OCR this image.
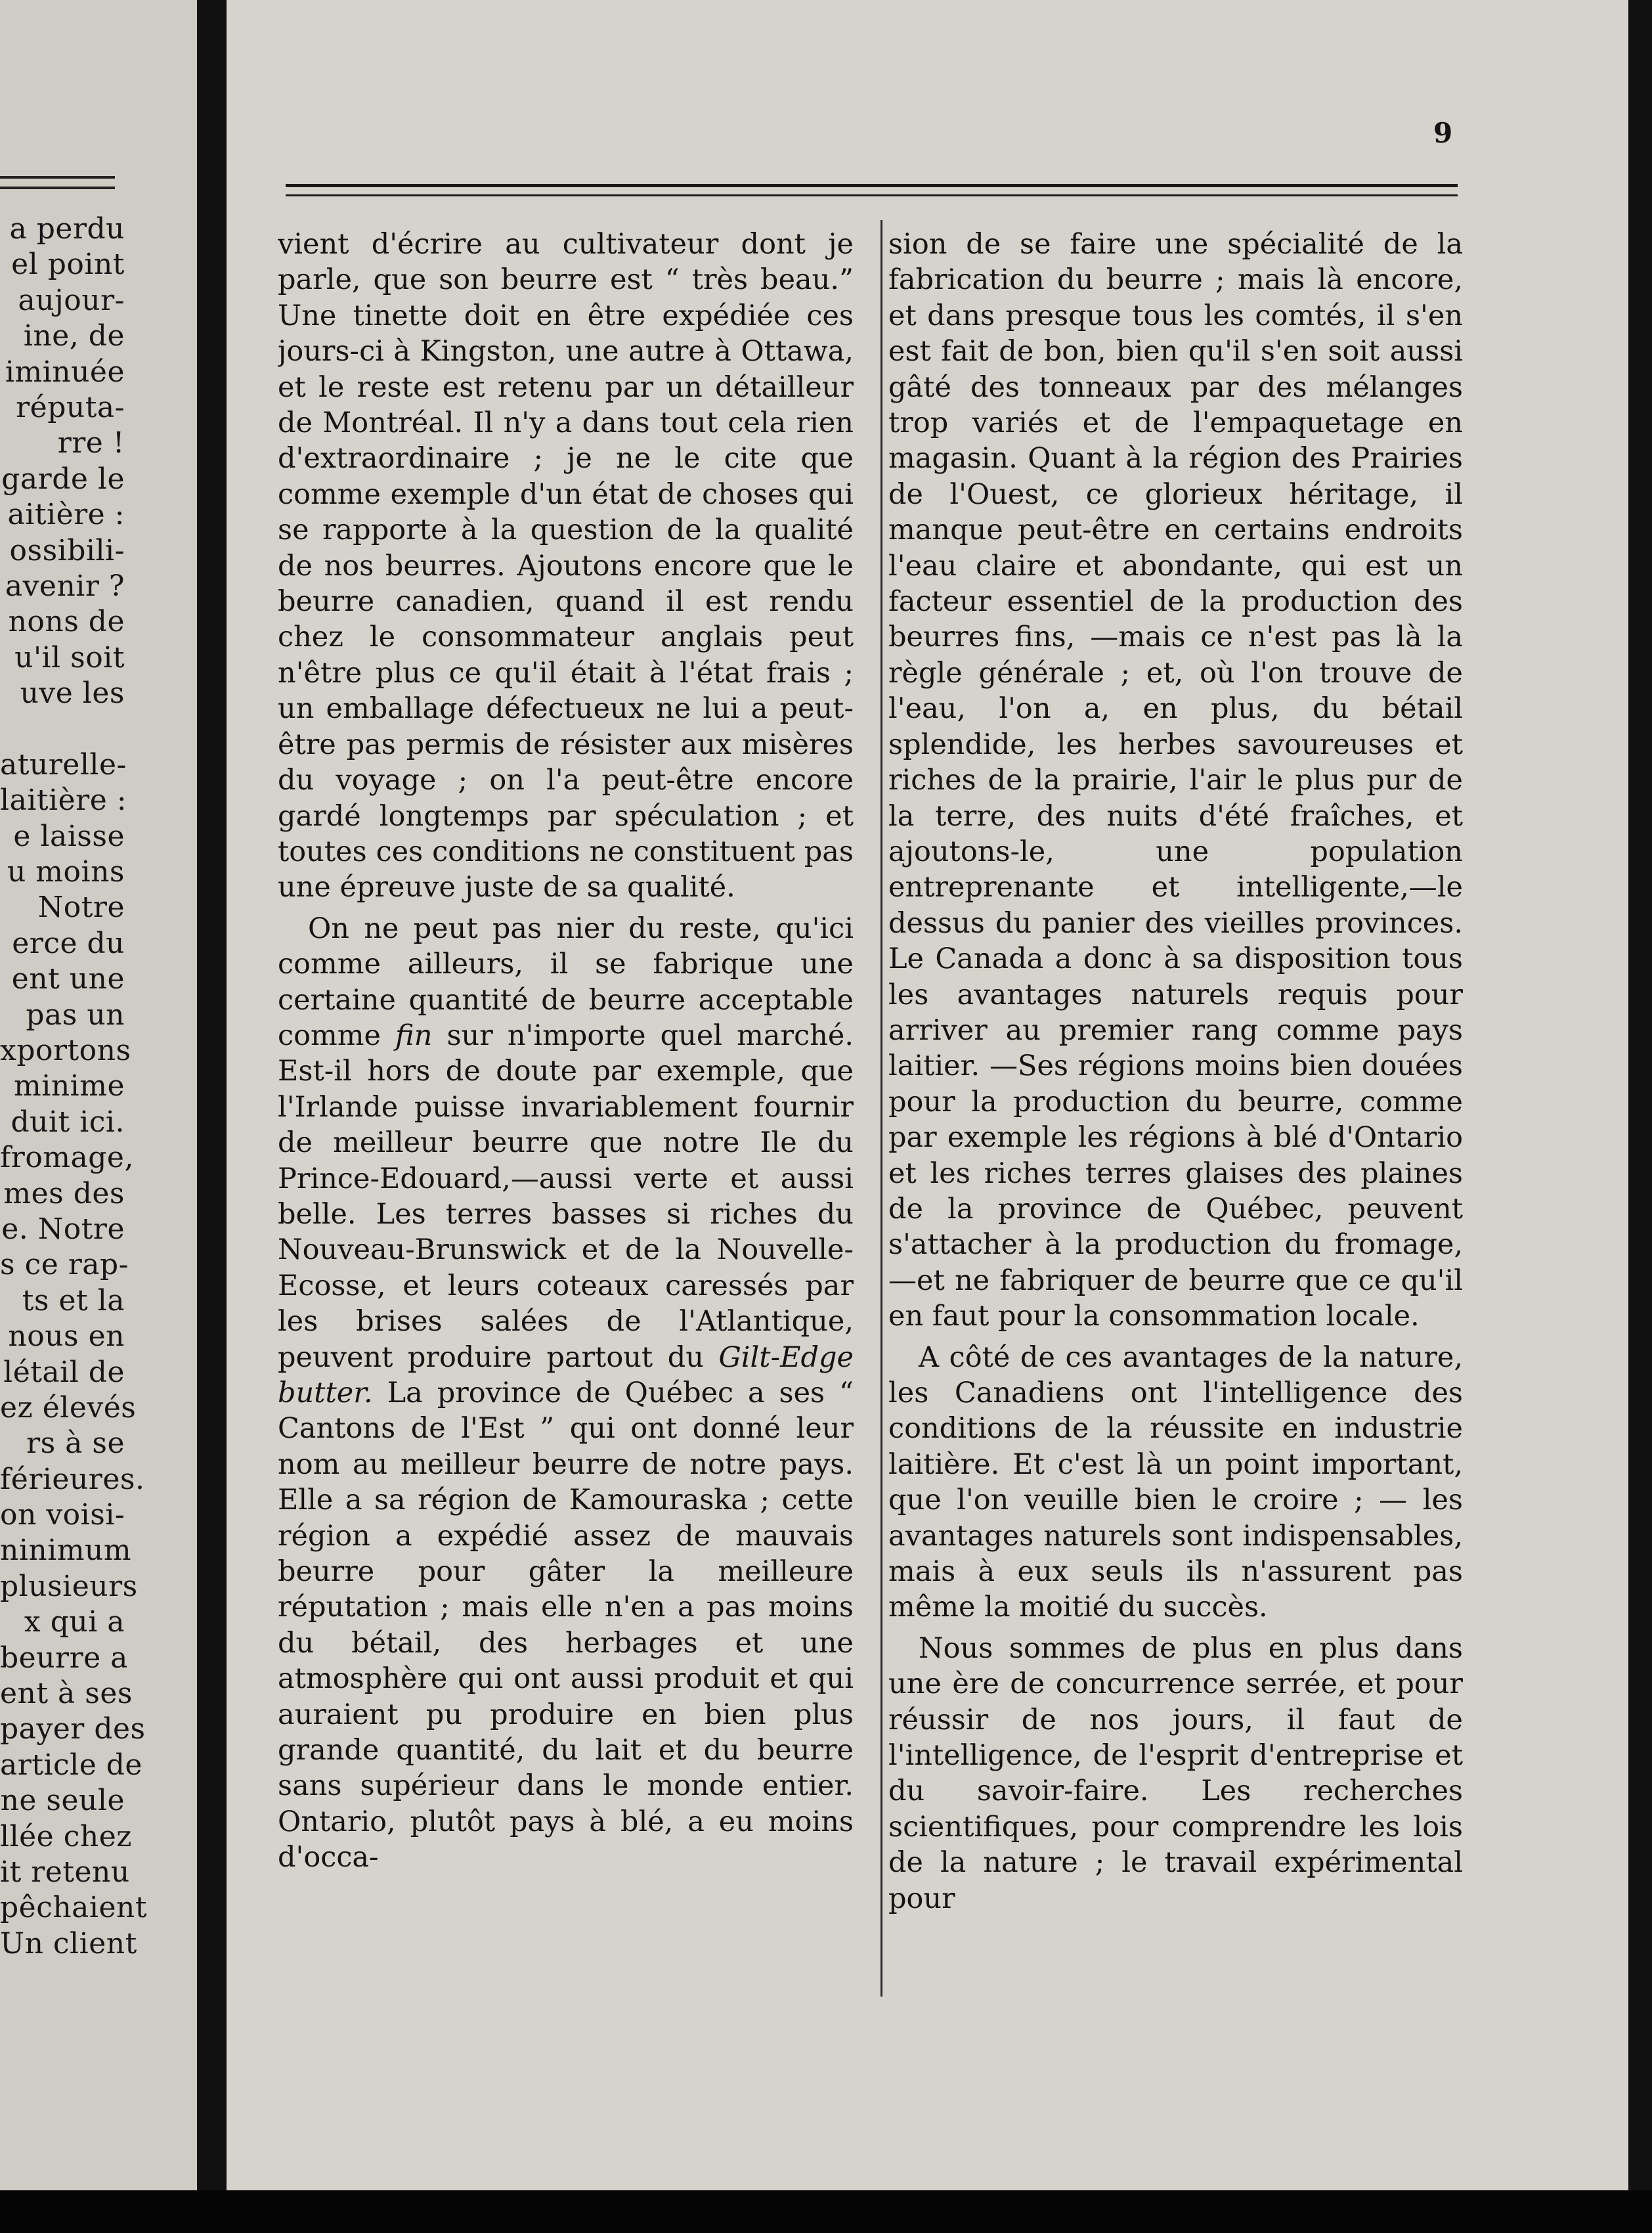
a perdu
el point
aujour-
ine, de
iminuée
réputa-
rre !
garde le
aitière :
ossibili-
avenir ?
nons de
u'il soit
uve les
aturelle-
laitière :
e laisse
u moins
Notre
erce du
ent une
pas un
xportons
minime
duit ici.
fromage,
mes des
e. Notre
s ce rap-
ts et la
nous en
létail de
ez élevés
rs à se
férieures.
on voisi-
ninimum
plusieurs
x qui a
beurre a
ent à ses
payer des
article de
ne seule
llée chez
it retenu
pêchaient
Un client
9

vient d'écrire au cultivateur dont je parle, que son beurre est “ très beau.” Une tinette doit en être expédiée ces jours-ci à Kingston, une autre à Ottawa, et le reste est retenu par un détailleur de Montréal. Il n'y a dans tout cela rien d'extraordinaire ; je ne le cite que comme exemple d'un état de choses qui se rapporte à la question de la qualité de nos beurres. Ajoutons encore que le beurre canadien, quand il est rendu chez le consommateur anglais peut n'être plus ce qu'il était à l'état frais ; un emballage défectueux ne lui a peut-être pas permis de résister aux misères du voyage ; on l'a peut-être encore gardé longtemps par spéculation ; et toutes ces conditions ne constituent pas une épreuve juste de sa qualité.

On ne peut pas nier du reste, qu'ici comme ailleurs, il se fabrique une certaine quantité de beurre acceptable comme fin sur n'importe quel marché. Est-il hors de doute par exemple, que l'Irlande puisse invariablement fournir de meilleur beurre que notre Ile du Prince-Edouard,—aussi verte et aussi belle. Les terres basses si riches du Nouveau-Brunswick et de la Nouvelle-Ecosse, et leurs coteaux caressés par les brises salées de l'Atlantique, peuvent produire partout du Gilt-Edge butter. La province de Québec a ses “ Cantons de l'Est ” qui ont donné leur nom au meilleur beurre de notre pays. Elle a sa région de Kamouraska ; cette région a expédié assez de mauvais beurre pour gâter la meilleure réputation ; mais elle n'en a pas moins du bétail, des herbages et une atmosphère qui ont aussi produit et qui auraient pu produire en bien plus grande quantité, du lait et du beurre sans supérieur dans le monde entier. Ontario, plutôt pays à blé, a eu moins d'occa-

sion de se faire une spécialité de la fabrication du beurre ; mais là encore, et dans presque tous les comtés, il s'en est fait de bon, bien qu'il s'en soit aussi gâté des tonneaux par des mélanges trop variés et de l'empaquetage en magasin. Quant à la région des Prairies de l'Ouest, ce glorieux héritage, il manque peut-être en certains endroits l'eau claire et abondante, qui est un facteur essentiel de la production des beurres fins, —mais ce n'est pas là la règle générale ; et, où l'on trouve de l'eau, l'on a, en plus, du bétail splendide, les herbes savoureuses et riches de la prairie, l'air le plus pur de la terre, des nuits d'été fraîches, et ajoutons-le, une population entreprenante et intelligente,—le dessus du panier des vieilles provinces. Le Canada a donc à sa disposition tous les avantages naturels requis pour arriver au premier rang comme pays laitier. —Ses régions moins bien douées pour la production du beurre, comme par exemple les régions à blé d'Ontario et les riches terres glaises des plaines de la province de Québec, peuvent s'attacher à la production du fromage,—et ne fabriquer de beurre que ce qu'il en faut pour la consommation locale.

A côté de ces avantages de la nature, les Canadiens ont l'intelligence des conditions de la réussite en industrie laitière. Et c'est là un point important, que l'on veuille bien le croire ; — les avantages naturels sont indispensables, mais à eux seuls ils n'assurent pas même la moitié du succès.

Nous sommes de plus en plus dans une ère de concurrence serrée, et pour réussir de nos jours, il faut de l'intelligence, de l'esprit d'entreprise et du savoir-faire. Les recherches scientifiques, pour comprendre les lois de la nature ; le travail expérimental pour
